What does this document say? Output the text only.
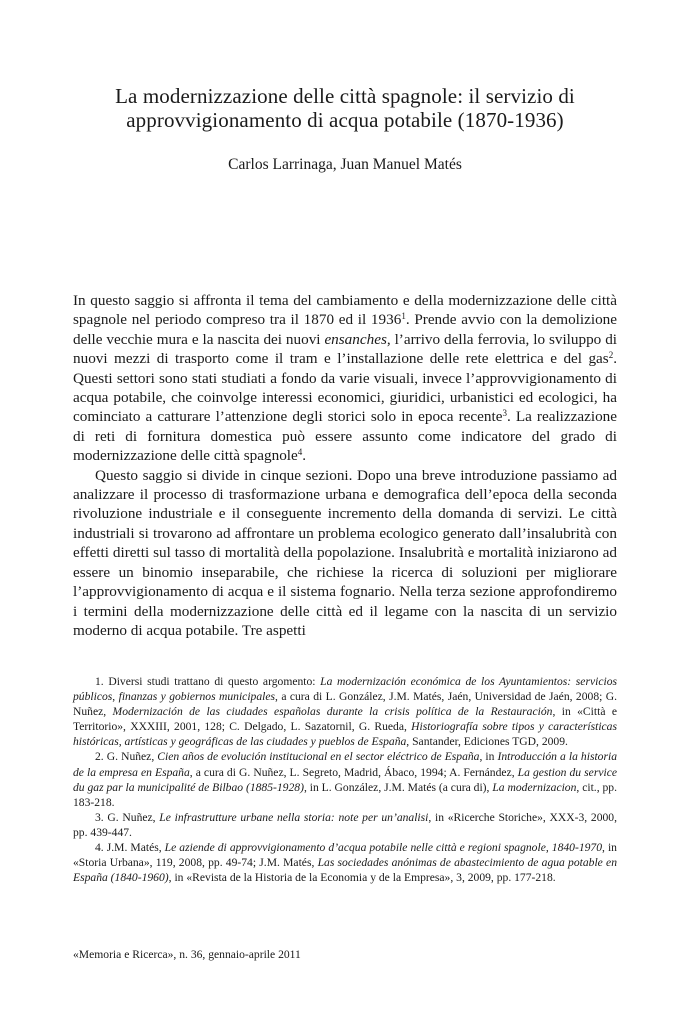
La modernizzazione delle città spagnole: il servizio di approvvigionamento di acqua potabile (1870-1936)
Carlos Larrinaga, Juan Manuel Matés

In questo saggio si affronta il tema del cambiamento e della modernizzazione delle città spagnole nel periodo compreso tra il 1870 ed il 1936$^1$. Prende avvio con la demolizione delle vecchie mura e la nascita dei nuovi ensanches, l’arrivo della ferrovia, lo sviluppo di nuovi mezzi di trasporto come il tram e l’installazione delle rete elettrica e del gas$^2$. Questi settori sono stati studiati a fondo da varie visuali, invece l’approvvigionamento di acqua potabile, che coinvolge interessi economici, giuridici, urbanistici ed ecologici, ha cominciato a catturare l’attenzione degli storici solo in epoca recente$^3$. La realizzazione di reti di fornitura domestica può essere assunto come indicatore del grado di modernizzazione delle città spagnole$^4$.

Questo saggio si divide in cinque sezioni. Dopo una breve introduzione passiamo ad analizzare il processo di trasformazione urbana e demografica dell’epoca della seconda rivoluzione industriale e il conseguente incremento della domanda di servizi. Le città industriali si trovarono ad affrontare un problema ecologico generato dall’insalubrità con effetti diretti sul tasso di mortalità della popolazione. Insalubrità e mortalità iniziarono ad essere un binomio inseparabile, che richiese la ricerca di soluzioni per migliorare l’approvvigionamento di acqua e il sistema fognario. Nella terza sezione approfondiremo i termini della modernizzazione delle città ed il legame con la nascita di un servizio moderno di acqua potabile. Tre aspetti

1. Diversi studi trattano di questo argomento: La modernización económica de los Ayuntamientos: servicios públicos, finanzas y gobiernos municipales, a cura di L. González, J.M. Matés, Jaén, Universidad de Jaén, 2008; G. Nuñez, Modernización de las ciudades españolas durante la crisis política de la Restauración, in «Città e Territorio», XXXIII, 2001, 128; C. Delgado, L. Sazatornil, G. Rueda, Historiografía sobre tipos y características históricas, artísticas y geográficas de las ciudades y pueblos de España, Santander, Ediciones TGD, 2009.

2. G. Nuñez, Cien años de evolución institucional en el sector eléctrico de España, in Introducción a la historia de la empresa en España, a cura di G. Nuñez, L. Segreto, Madrid, Ábaco, 1994; A. Fernández, La gestion du service du gaz par la municipalité de Bilbao (1885-1928), in L. González, J.M. Matés (a cura di), La modernizacion, cit., pp. 183-218.

3. G. Nuñez, Le infrastrutture urbane nella storia: note per un’analisi, in «Ricerche Storiche», XXX-3, 2000, pp. 439-447.

4. J.M. Matés, Le aziende di approvvigionamento d’acqua potabile nelle città e regioni spagnole, 1840-1970, in «Storia Urbana», 119, 2008, pp. 49-74; J.M. Matés, Las sociedades anónimas de abastecimiento de agua potable en España (1840-1960), in «Revista de la Historia de la Economia y de la Empresa», 3, 2009, pp. 177-218.

«Memoria e Ricerca», n. 36, gennaio-aprile 2011
